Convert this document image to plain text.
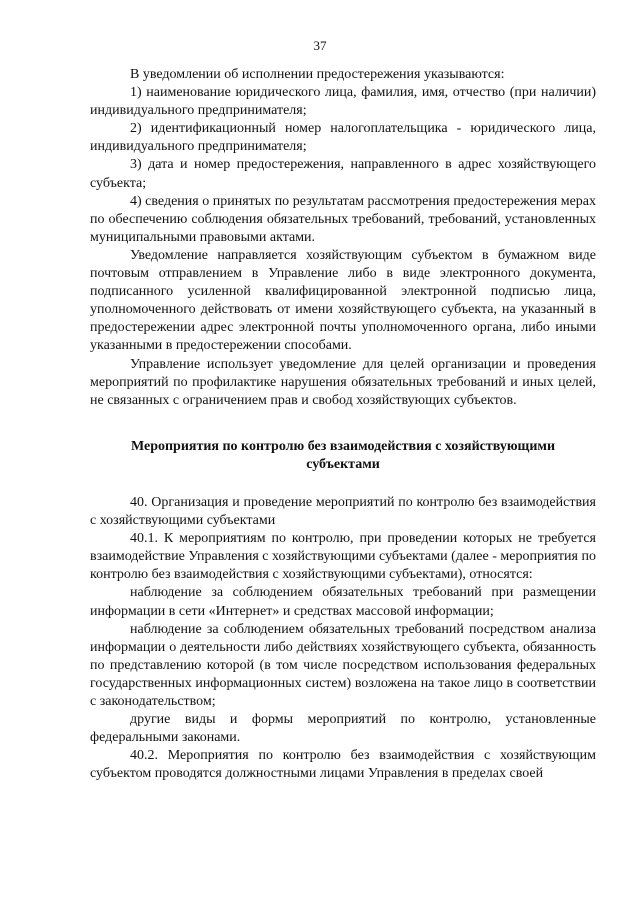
37

В уведомлении об исполнении предостережения указываются:

1) наименование юридического лица, фамилия, имя, отчество (при наличии) индивидуального предпринимателя;

2) идентификационный номер налогоплательщика - юридического лица, индивидуального предпринимателя;

3) дата и номер предостережения, направленного в адрес хозяйствующего субъекта;

4) сведения о принятых по результатам рассмотрения предостережения мерах по обеспечению соблюдения обязательных требований, требований, установленных муниципальными правовыми актами.

Уведомление направляется хозяйствующим субъектом в бумажном виде почтовым отправлением в Управление либо в виде электронного документа, подписанного усиленной квалифицированной электронной подписью лица, уполномоченного действовать от имени хозяйствующего субъекта, на указанный в предостережении адрес электронной почты уполномоченного органа, либо иными указанными в предостережении способами.

Управление использует уведомление для целей организации и проведения мероприятий по профилактике нарушения обязательных требований и иных целей, не связанных с ограничением прав и свобод хозяйствующих субъектов.

Мероприятия по контролю без взаимодействия с хозяйствующими субъектами

40. Организация и проведение мероприятий по контролю без взаимодействия с хозяйствующими субъектами

40.1. К мероприятиям по контролю, при проведении которых не требуется взаимодействие Управления с хозяйствующими субъектами (далее - мероприятия по контролю без взаимодействия с хозяйствующими субъектами), относятся:

наблюдение за соблюдением обязательных требований при размещении информации в сети «Интернет» и средствах массовой информации;

наблюдение за соблюдением обязательных требований посредством анализа информации о деятельности либо действиях хозяйствующего субъекта, обязанность по представлению которой (в том числе посредством использования федеральных государственных информационных систем) возложена на такое лицо в соответствии с законодательством;

другие виды и формы мероприятий по контролю, установленные федеральными законами.

40.2. Мероприятия по контролю без взаимодействия с хозяйствующим субъектом проводятся должностными лицами Управления в пределах своей
